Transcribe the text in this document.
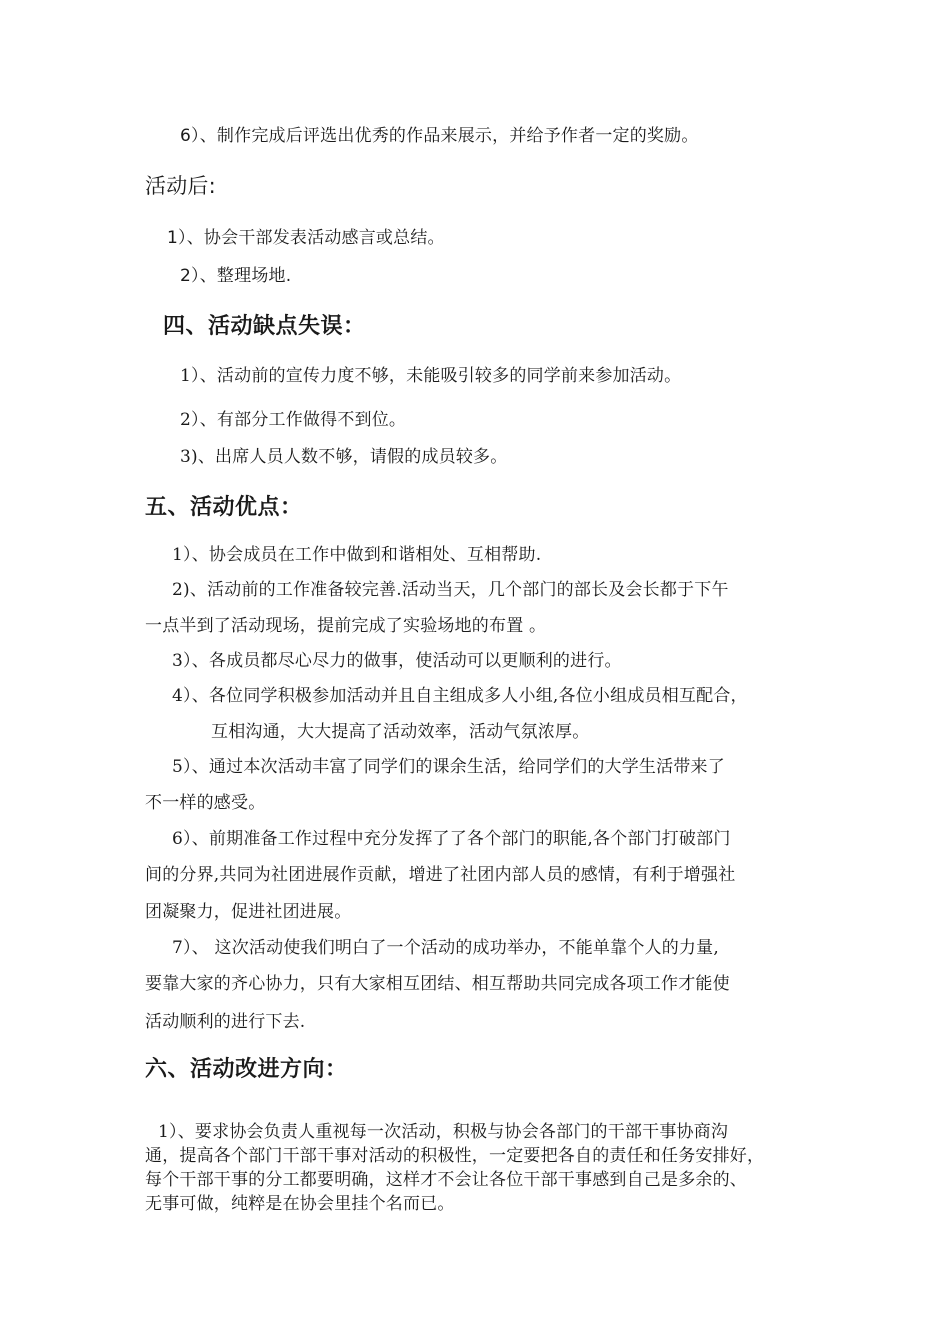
6）、制作完成后评选出优秀的作品来展示，并给予作者一定的奖励。
活动后:
1）、协会干部发表活动感言或总结。
2）、整理场地.
四、活动缺点失误：
1）、活动前的宣传力度不够，未能吸引较多的同学前来参加活动。
2）、有部分工作做得不到位。
3)、出席人员人数不够，请假的成员较多。
五、活动优点：
1）、协会成员在工作中做到和谐相处、互相帮助.
2)、活动前的工作准备较完善.活动当天，几个部门的部长及会长都于下午
一点半到了活动现场，提前完成了实验场地的布置 。
3）、各成员都尽心尽力的做事，使活动可以更顺利的进行。
4）、各位同学积极参加活动并且自主组成多人小组,各位小组成员相互配合，
互相沟通，大大提高了活动效率，活动气氛浓厚。
5）、通过本次活动丰富了同学们的课余生活，给同学们的大学生活带来了
不一样的感受。
6）、前期准备工作过程中充分发挥了了各个部门的职能,各个部门打破部门
间的分界,共同为社团进展作贡献，增进了社团内部人员的感情，有利于增强社
团凝聚力，促进社团进展。
7）、 这次活动使我们明白了一个活动的成功举办，不能单靠个人的力量,
要靠大家的齐心协力，只有大家相互团结、相互帮助共同完成各项工作才能使
活动顺利的进行下去.
六、活动改进方向：
1）、要求协会负责人重视每一次活动，积极与协会各部门的干部干事协商沟
通，提高各个部门干部干事对活动的积极性，一定要把各自的责任和任务安排好，
每个干部干事的分工都要明确，这样才不会让各位干部干事感到自己是多余的、
无事可做，纯粹是在协会里挂个名而已。
